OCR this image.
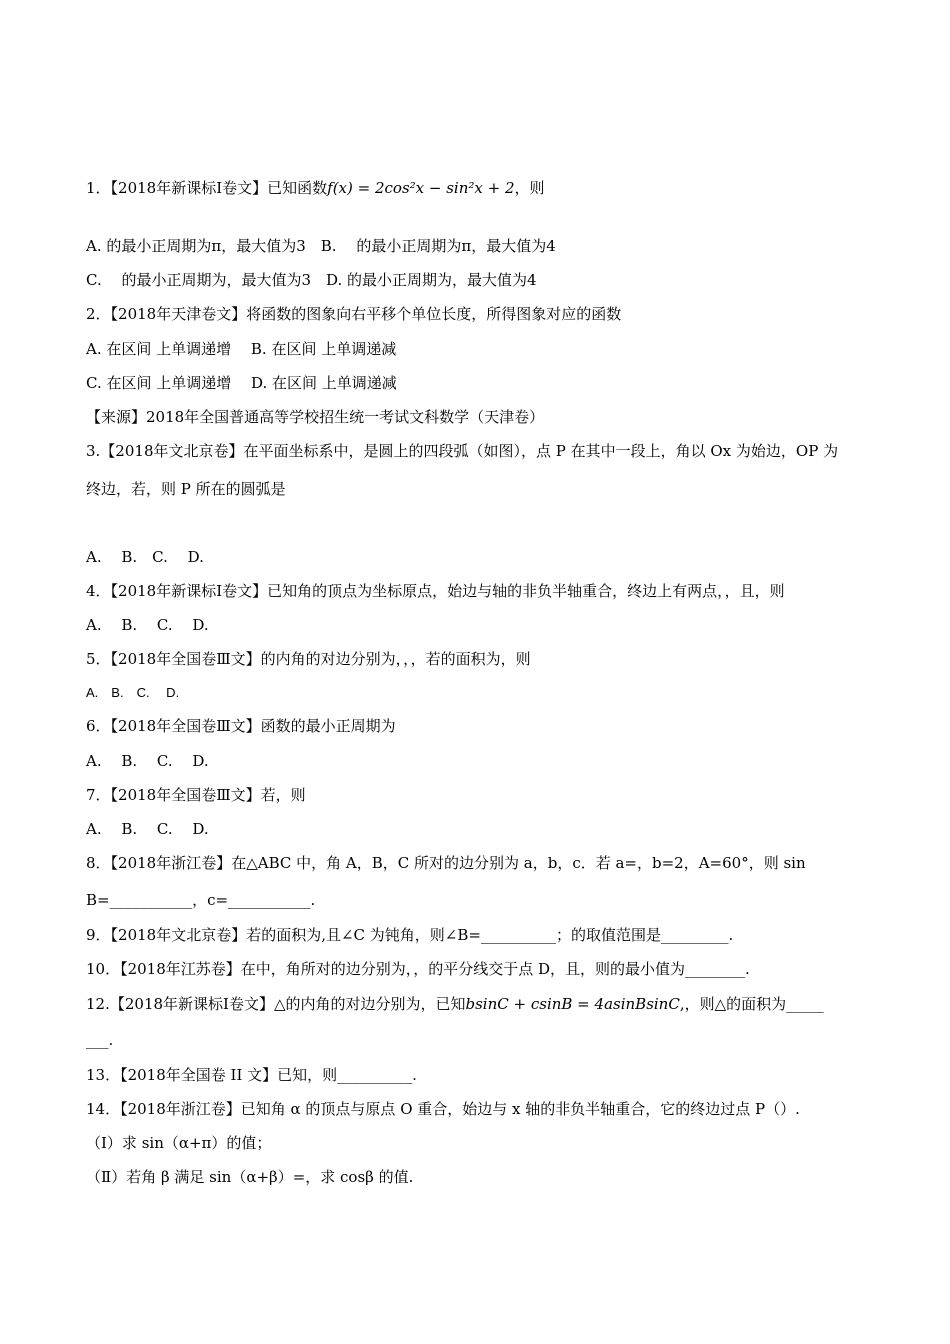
1．【2018年新课标Ⅰ卷文】已知函数f(x) = 2cos²x − sin²x + 2，则
A. 的最小正周期为π，最大值为3　B.　 的最小正周期为π，最大值为4
C.　 的最小正周期为，最大值为3　D. 的最小正周期为，最大值为4
2．【2018年天津卷文】将函数的图象向右平移个单位长度，所得图象对应的函数
A. 在区间 上单调递增　 B. 在区间 上单调递减
C. 在区间 上单调递增　 D. 在区间 上单调递减
【来源】2018年全国普通高等学校招生统一考试文科数学（天津卷）
3.【2018年文北京卷】在平面坐标系中，是圆上的四段弧（如图），点 P 在其中一段上，角以 Ox 为始边，OP 为
终边，若，则 P 所在的圆弧是
A.　 B.　C.　 D.
4．【2018年新课标Ⅰ卷文】已知角的顶点为坐标原点，始边与轴的非负半轴重合，终边上有两点，，且，则
A.　 B.　 C.　 D.
5．【2018年全国卷Ⅲ文】的内角的对边分别为，，，若的面积为，则
A.　B.　C.　 D.
6．【2018年全国卷Ⅲ文】函数的最小正周期为
A.　 B.　 C.　 D.
7．【2018年全国卷Ⅲ文】若，则
A.　 B.　 C.　 D.
8．【2018年浙江卷】在△ABC 中，角 A，B，C 所对的边分别为 a，b，c．若 a=，b=2，A=60°，则 sin
B=___________，c=___________.
9．【2018年文北京卷】若的面积为,且∠C 为钝角，则∠B=__________；的取值范围是_________.
10．【2018年江苏卷】在中，角所对的边分别为，，的平分线交于点 D，且，则的最小值为________.
12.【2018年新课标Ⅰ卷文】△的内角的对边分别为，已知bsinC + csinB = 4asinBsinC,，则△的面积为_____
___.
13．【2018年全国卷 II 文】已知，则__________.
14．【2018年浙江卷】已知角 α 的顶点与原点 O 重合，始边与 x 轴的非负半轴重合，它的终边过点 P（）.
（Ⅰ）求 sin（α+π）的值；
（Ⅱ）若角 β 满足 sin（α+β）=，求 cosβ 的值.
